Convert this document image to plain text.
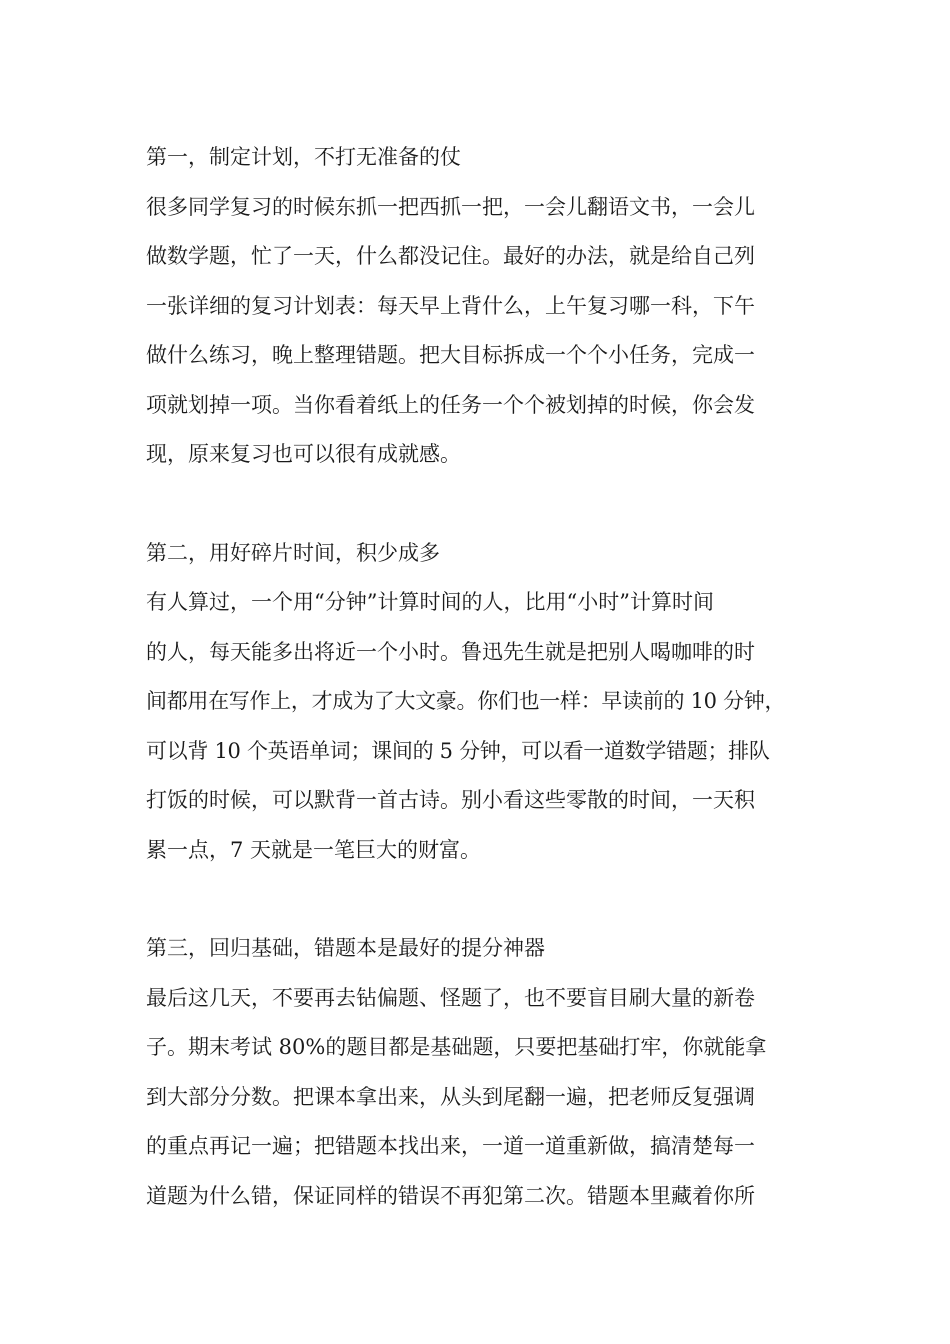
第一，制定计划，不打无准备的仗

很多同学复习的时候东抓一把西抓一把，一会儿翻语文书，一会儿

做数学题，忙了一天，什么都没记住。最好的办法，就是给自己列

一张详细的复习计划表：每天早上背什么，上午复习哪一科，下午

做什么练习，晚上整理错题。把大目标拆成一个个小任务，完成一

项就划掉一项。当你看着纸上的任务一个个被划掉的时候，你会发

现，原来复习也可以很有成就感。

第二，用好碎片时间，积少成多

有人算过，一个用“分钟”计算时间的人，比用“小时”计算时间

的人，每天能多出将近一个小时。鲁迅先生就是把别人喝咖啡的时

间都用在写作上，才成为了大文豪。你们也一样：早读前的 10 分钟，

可以背 10 个英语单词；课间的 5 分钟，可以看一道数学错题；排队

打饭的时候，可以默背一首古诗。别小看这些零散的时间，一天积

累一点，7 天就是一笔巨大的财富。

第三，回归基础，错题本是最好的提分神器

最后这几天，不要再去钻偏题、怪题了，也不要盲目刷大量的新卷

子。期末考试 80%的题目都是基础题，只要把基础打牢，你就能拿

到大部分分数。把课本拿出来，从头到尾翻一遍，把老师反复强调

的重点再记一遍；把错题本找出来，一道一道重新做，搞清楚每一

道题为什么错，保证同样的错误不再犯第二次。错题本里藏着你所
